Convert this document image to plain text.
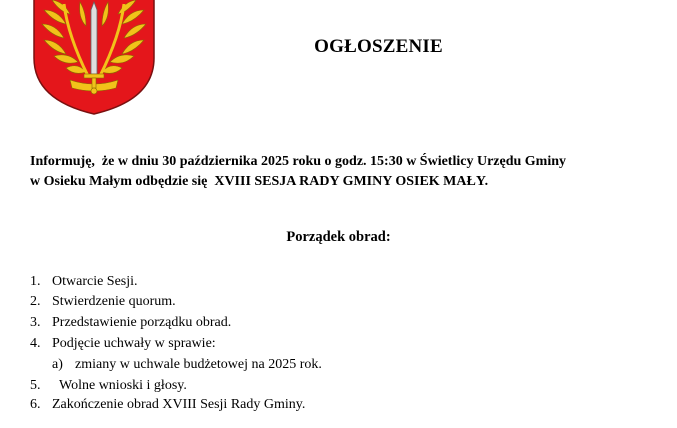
OGŁOSZENIE
Informuję,  że w dniu 30 października 2025 roku o godz. 15:30 w Świetlicy Urzędu Gminy
w Osieku Małym odbędzie się  XVIII SESJA RADY GMINY OSIEK MAŁY.
Porządek obrad:
1. Otwarcie Sesji.
2. Stwierdzenie quorum.
3. Przedstawienie porządku obrad.
4. Podjęcie uchwały w sprawie:
a) zmiany w uchwale budżetowej na 2025 rok.
5. Wolne wnioski i głosy.
6. Zakończenie obrad XVIII Sesji Rady Gminy.
